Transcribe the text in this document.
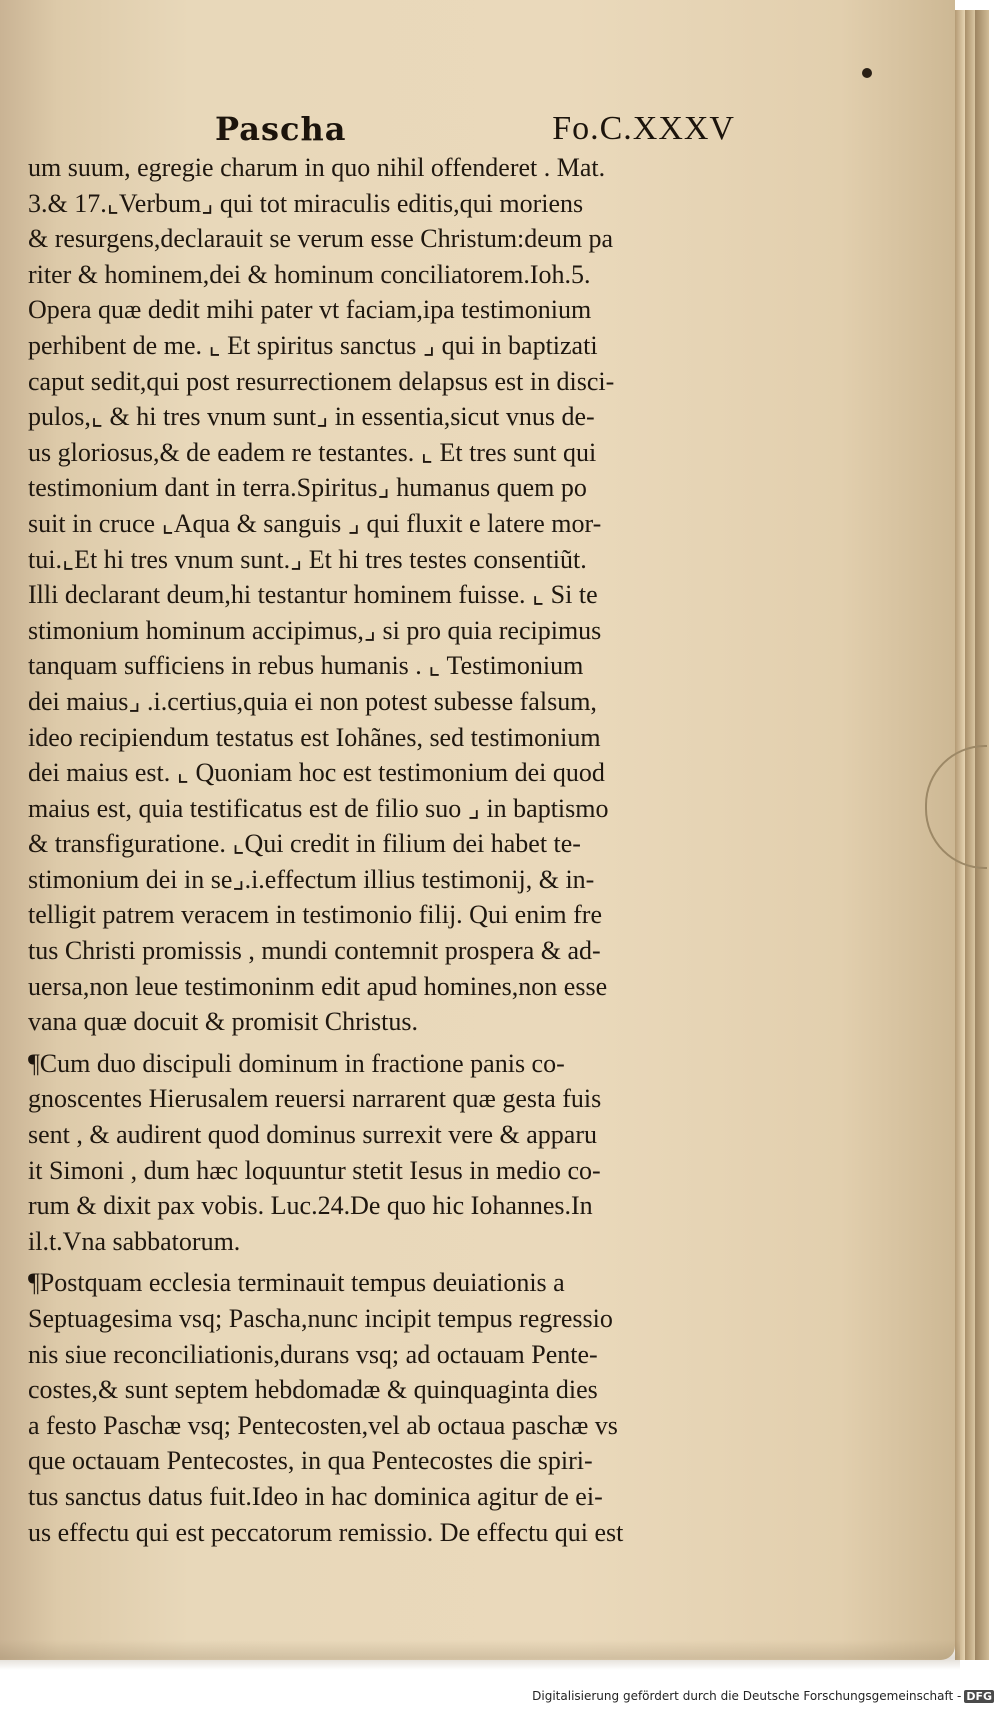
Pascha	Fo.C.XXXV
um suum, egregie charum in quo nihil offenderet . Mat.
3.& 17.⌞Verbum⌟ qui tot miraculis editis,qui moriens
& resurgens,declarauit se verum esse Christum:deum pa
riter & hominem,dei & hominum conciliatorem.Ioh.5.
Opera quæ dedit mihi pater vt faciam,ipa testimonium
perhibent de me. ⌞ Et spiritus sanctus ⌟ qui in baptizati
caput sedit,qui post resurrectionem delapsus est in disci-
pulos,⌞ & hi tres vnum sunt⌟ in essentia,sicut vnus de-
us gloriosus,& de eadem re testantes. ⌞ Et tres sunt qui
testimonium dant in terra.Spiritus⌟ humanus quem po
suit in cruce ⌞Aqua & sanguis ⌟ qui fluxit e latere mor-
tui.⌞Et hi tres vnum sunt.⌟ Et hi tres testes consentiũt.
Illi declarant deum,hi testantur hominem fuisse. ⌞ Si te
stimonium hominum accipimus,⌟ si pro quia recipimus
tanquam sufficiens in rebus humanis . ⌞ Testimonium
dei maius⌟ .i.certius,quia ei non potest subesse falsum,
ideo recipiendum testatus est Iohãnes, sed testimonium
dei maius est. ⌞ Quoniam hoc est testimonium dei quod
maius est, quia testificatus est de filio suo ⌟ in baptismo
& transfiguratione. ⌞Qui credit in filium dei habet te-
stimonium dei in se⌟.i.effectum illius testimonij, & in-
telligit patrem veracem in testimonio filij. Qui enim fre
tus Christi promissis , mundi contemnit prospera & ad-
uersa,non leue testimoninm edit apud homines,non esse
vana quæ docuit & promisit Christus.
¶Cum duo discipuli dominum in fractione panis co-
gnoscentes Hierusalem reuersi narrarent quæ gesta fuis
sent , & audirent quod dominus surrexit vere & apparu
it Simoni , dum hæc loquuntur stetit Iesus in medio co-
rum & dixit pax vobis. Luc.24.De quo hic Iohannes.In
il.t.Vna sabbatorum.
¶Postquam ecclesia terminauit tempus deuiationis a
Septuagesima vsq; Pascha,nunc incipit tempus regressio
nis siue reconciliationis,durans vsq; ad octauam Pente-
costes,& sunt septem hebdomadæ & quinquaginta dies
a festo Paschæ vsq; Pentecosten,vel ab octaua paschæ vs
que octauam Pentecostes, in qua Pentecostes die spiri-
tus sanctus datus fuit.Ideo in hac dominica agitur de ei-
us effectu qui est peccatorum remissio. De effectu qui est
Digitalisierung gefördert durch die Deutsche Forschungsgemeinschaft - DFG
